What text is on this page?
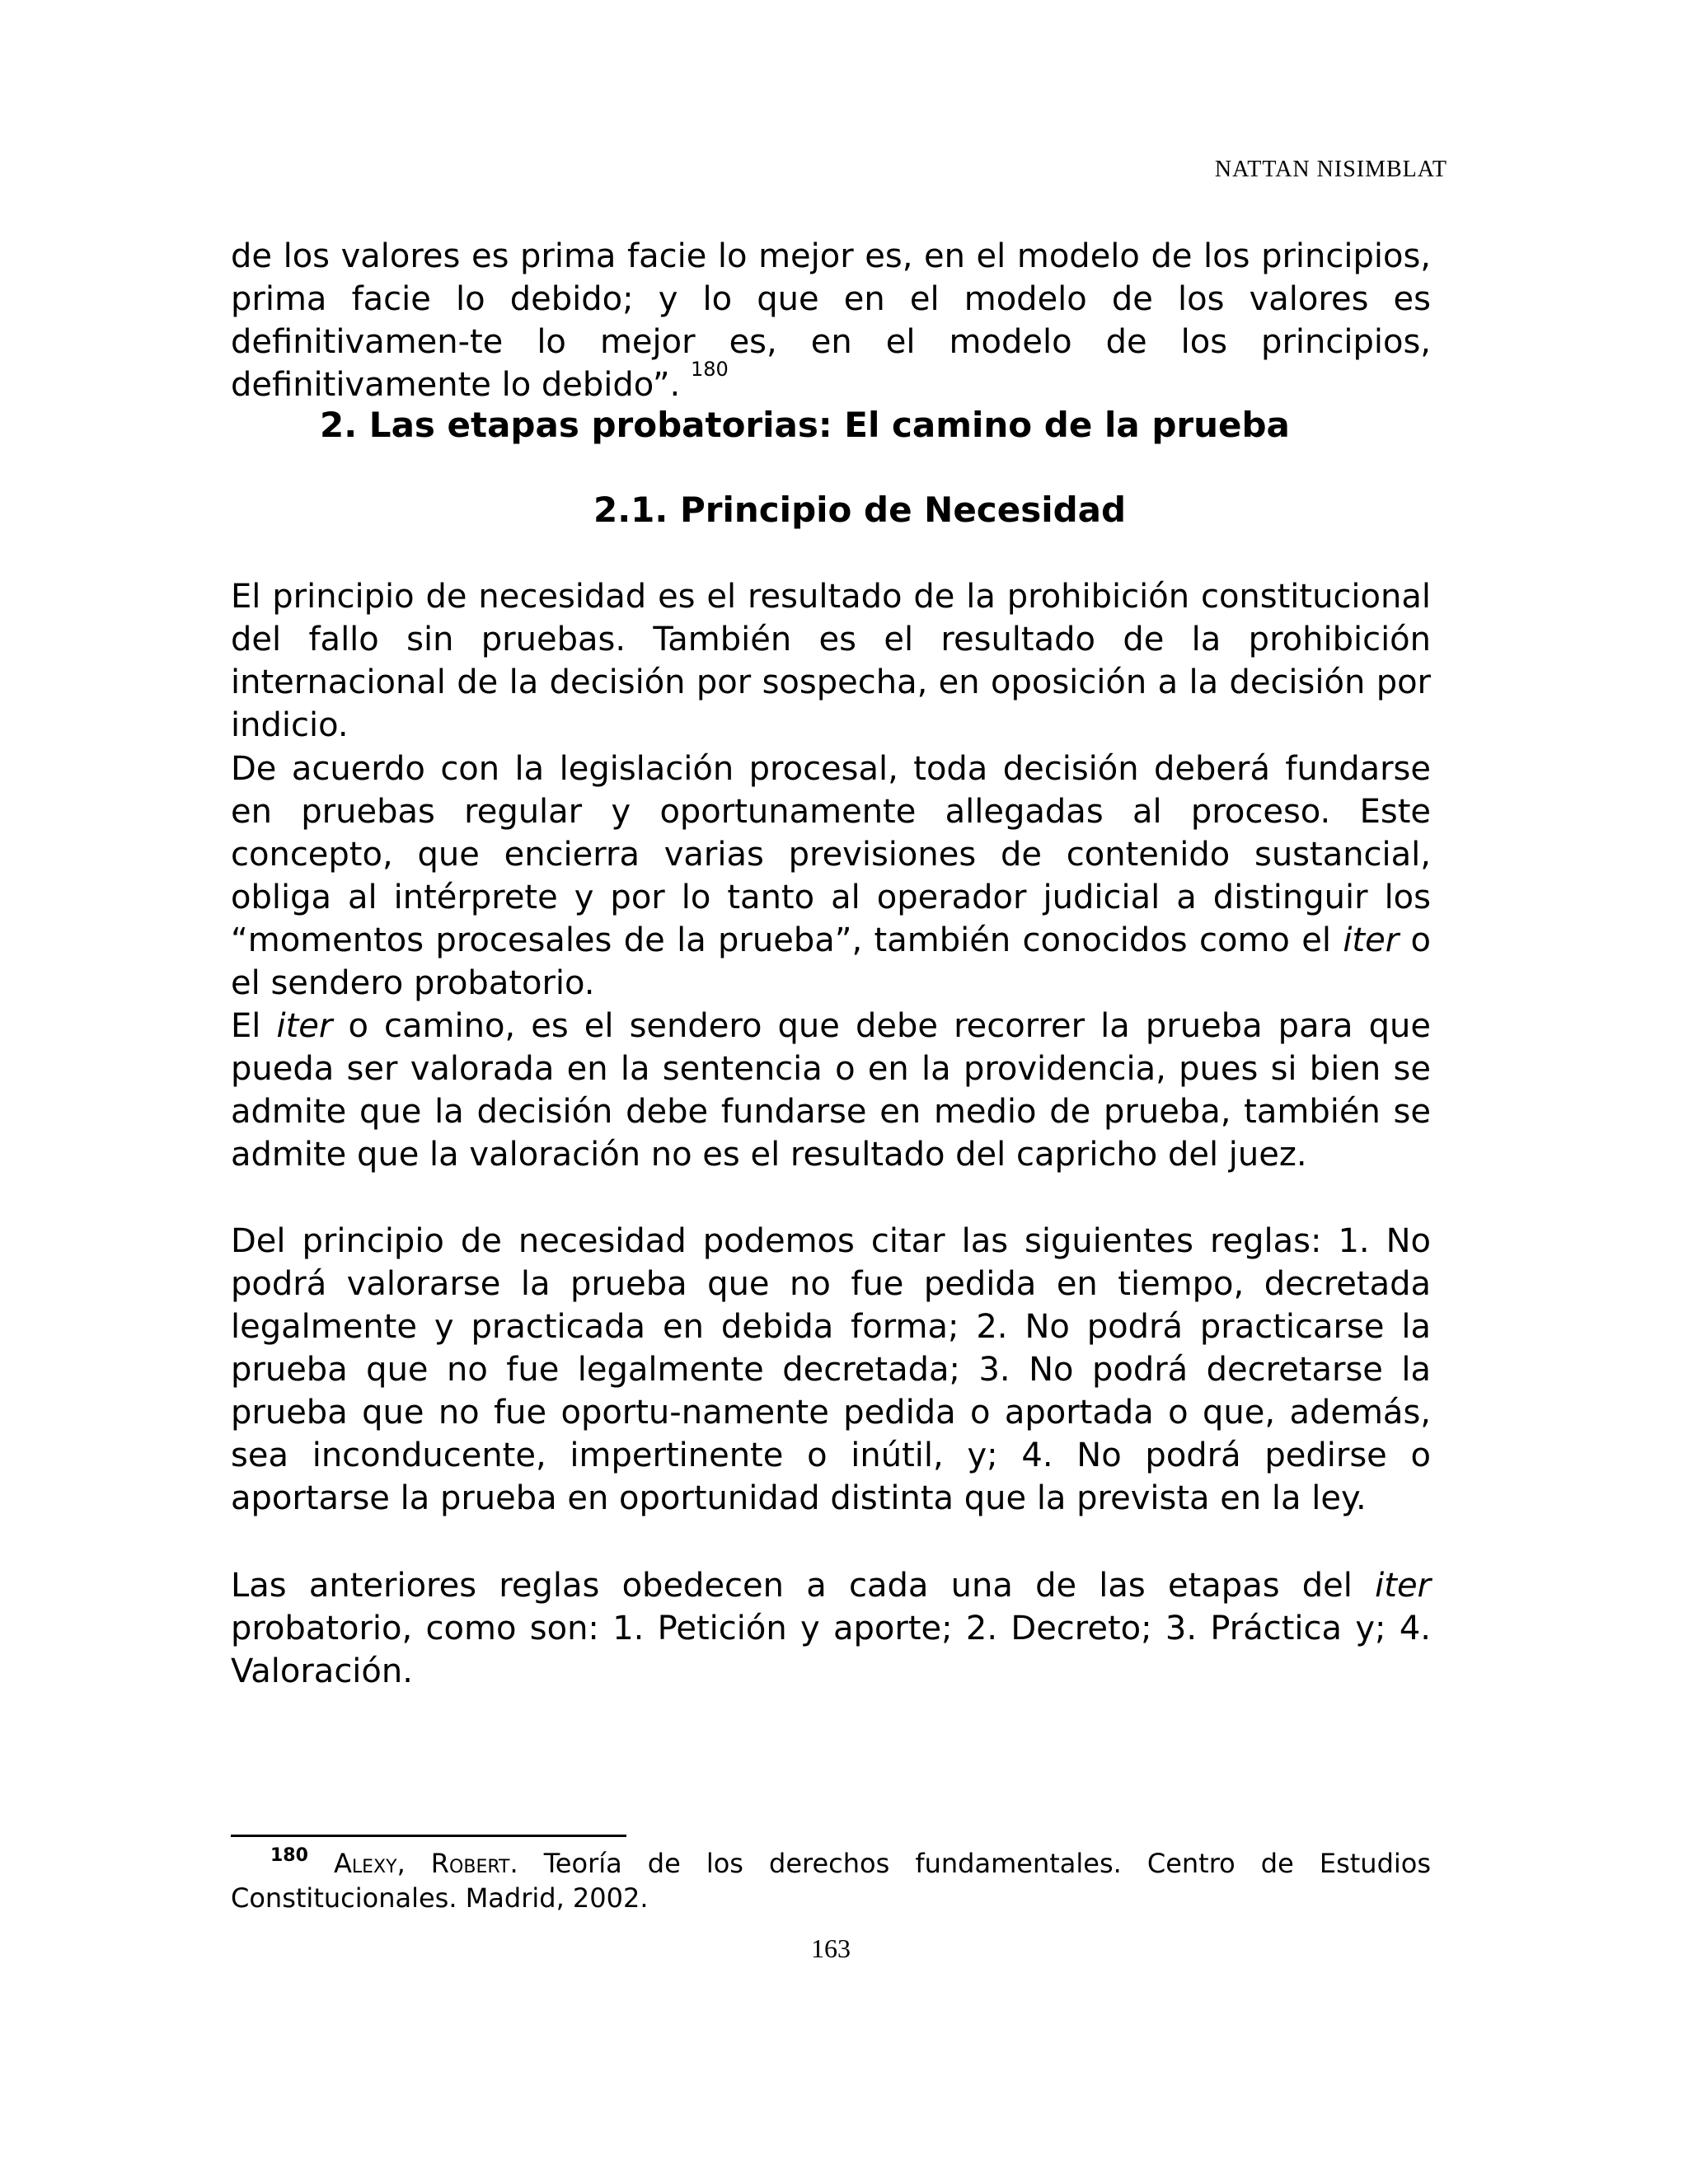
NATTAN NISIMBLAT

de los valores es prima facie lo mejor es, en el modelo de los principios, prima facie lo debido; y lo que en el modelo de los valores es definitivamen-te lo mejor es, en el modelo de los principios, definitivamente lo debido”. $^{180}$

2. Las etapas probatorias: El camino de la prueba
2.1. Principio de Necesidad

El principio de necesidad es el resultado de la prohibición constitucional del fallo sin pruebas. También es el resultado de la prohibición internacional de la decisión por sospecha, en oposición a la decisión por indicio.

De acuerdo con la legislación procesal, toda decisión deberá fundarse en pruebas regular y oportunamente allegadas al proceso. Este concepto, que encierra varias previsiones de contenido sustancial, obliga al intérprete y por lo tanto al operador judicial a distinguir los “momentos procesales de la prueba”, también conocidos como el iter o el sendero probatorio.

El iter o camino, es el sendero que debe recorrer la prueba para que pueda ser valorada en la sentencia o en la providencia, pues si bien se admite que la decisión debe fundarse en medio de prueba, también se admite que la valoración no es el resultado del capricho del juez.

Del principio de necesidad podemos citar las siguientes reglas: 1. No podrá valorarse la prueba que no fue pedida en tiempo, decretada legalmente y practicada en debida forma; 2. No podrá practicarse la prueba que no fue legalmente decretada; 3. No podrá decretarse la prueba que no fue oportu-namente pedida o aportada o que, además, sea inconducente, impertinente o inútil, y; 4. No podrá pedirse o aportarse la prueba en oportunidad distinta que la prevista en la ley.

Las anteriores reglas obedecen a cada una de las etapas del iter probatorio, como son: 1. Petición y aporte; 2. Decreto; 3. Práctica y; 4. Valoración.

$^{180}$ Alexy, Robert. Teoría de los derechos fundamentales. Centro de Estudios Constitucionales. Madrid, 2002.

163
